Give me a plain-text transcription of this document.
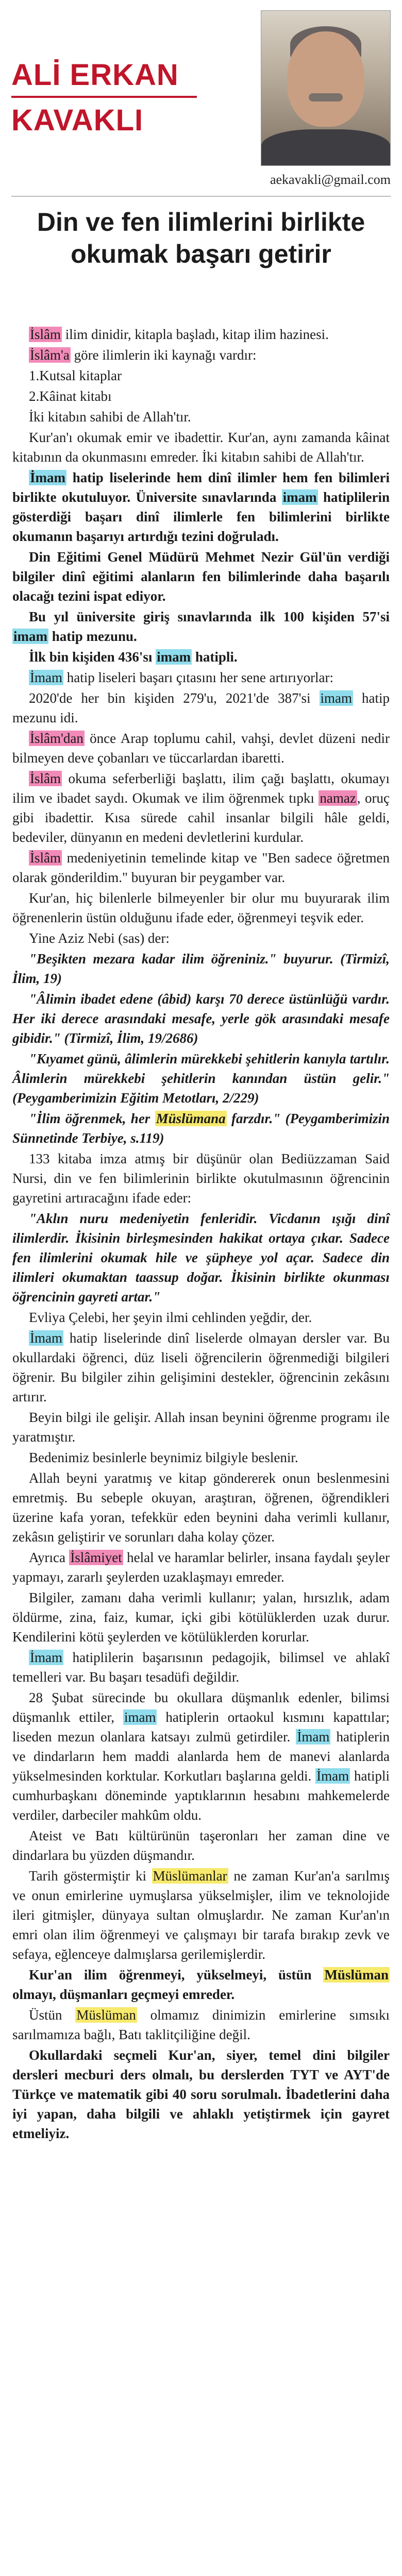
ALİ ERKAN
KAVAKLI
aekavakli@gmail.com
Din ve fen ilimlerini birlikte okumak başarı getirir

İslâm ilim dinidir, kitapla başladı, kitap ilim hazinesi.

İslâm'a göre ilimlerin iki kaynağı vardır:

1.Kutsal kitaplar

2.Kâinat kitabı

İki kitabın sahibi de Allah'tır.

Kur'an'ı okumak emir ve ibadettir. Kur'an, aynı zamanda kâinat kitabının da okunmasını emreder. İki kitabın sahibi de Allah'tır.

İmam hatip liselerinde hem dinî ilimler hem fen bilimleri birlikte okutuluyor. Üniversite sınavlarında imam hatiplilerin gösterdiği başarı dinî ilimlerle fen bilimlerini birlikte okumanın başarıyı artırdığı tezini doğruladı.

Din Eğitimi Genel Müdürü Mehmet Nezir Gül'ün verdiği bilgiler dinî eğitimi alanların fen bilimlerinde daha başarılı olacağı tezini ispat ediyor.

Bu yıl üniversite giriş sınavlarında ilk 100 kişiden 57'si imam hatip mezunu.

İlk bin kişiden 436'sı imam hatipli.

İmam hatip liseleri başarı çıtasını her sene artırıyorlar:

2020'de her bin kişiden 279'u, 2021'de 387'si imam hatip mezunu idi.

İslâm'dan önce Arap toplumu cahil, vahşi, devlet düzeni nedir bilmeyen deve çobanları ve tüccarlardan ibaretti.

İslâm okuma seferberliği başlattı, ilim çağı başlattı, okumayı ilim ve ibadet saydı. Okumak ve ilim öğrenmek tıpkı namaz, oruç gibi ibadettir. Kısa sürede cahil insanlar bilgili hâle geldi, bedeviler, dünyanın en medeni devletlerini kurdular.

İslâm medeniyetinin temelinde kitap ve "Ben sadece öğretmen olarak gönderildim." buyuran bir peygamber var.

Kur'an, hiç bilenlerle bilmeyenler bir olur mu buyurarak ilim öğrenenlerin üstün olduğunu ifade eder, öğrenmeyi teşvik eder.

Yine Aziz Nebi (sas) der:

"Beşikten mezara kadar ilim öğreniniz." buyurur. (Tirmizî, İlim, 19)

"Âlimin ibadet edene (âbid) karşı 70 derece üstünlüğü vardır. Her iki derece arasındaki mesafe, yerle gök arasındaki mesafe gibidir." (Tirmizî, İlim, 19/2686)

"Kıyamet günü, âlimlerin mürekkebi şehitlerin kanıyla tartılır. Âlimlerin mürekkebi şehitlerin kanından üstün gelir." (Peygamberimizin Eğitim Metotları, 2/229)

"İlim öğrenmek, her Müslümana farzdır." (Peygamberimizin Sünnetinde Terbiye, s.119)

133 kitaba imza atmış bir düşünür olan Bediüzzaman Said Nursi, din ve fen bilimlerinin birlikte okutulmasının öğrencinin gayretini artıracağını ifade eder:

"Aklın nuru medeniyetin fenleridir. Vicdanın ışığı dinî ilimlerdir. İkisinin birleşmesinden hakikat ortaya çıkar. Sadece fen ilimlerini okumak hile ve şüpheye yol açar. Sadece din ilimleri okumaktan taassup doğar. İkisinin birlikte okunması öğrencinin gayreti artar."

Evliya Çelebi, her şeyin ilmi cehlinden yeğdir, der.

İmam hatip liselerinde dinî liselerde olmayan dersler var. Bu okullardaki öğrenci, düz liseli öğrencilerin öğrenmediği bilgileri öğrenir. Bu bilgiler zihin gelişimini destekler, öğrencinin zekâsını artırır.

Beyin bilgi ile gelişir. Allah insan beynini öğrenme programı ile yaratmıştır.

Bedenimiz besinlerle beynimiz bilgiyle beslenir.

Allah beyni yaratmış ve kitap göndererek onun beslenmesini emretmiş. Bu sebeple okuyan, araştıran, öğrenen, öğrendikleri üzerine kafa yoran, tefekkür eden beynini daha verimli kullanır, zekâsın geliştirir ve sorunları daha kolay çözer.

Ayrıca İslâmiyet helal ve haramlar belirler, insana faydalı şeyler yapmayı, zararlı şeylerden uzaklaşmayı emreder.

Bilgiler, zamanı daha verimli kullanır; yalan, hırsızlık, adam öldürme, zina, faiz, kumar, içki gibi kötülüklerden uzak durur. Kendilerini kötü şeylerden ve kötülüklerden korurlar.

İmam hatiplilerin başarısının pedagojik, bilimsel ve ahlakî temelleri var. Bu başarı tesadüfi değildir.

28 Şubat sürecinde bu okullara düşmanlık edenler, bilimsi düşmanlık ettiler, imam hatiplerin ortaokul kısmını kapattılar; liseden mezun olanlara katsayı zulmü getirdiler. İmam hatiplerin ve dindarların hem maddi alanlarda hem de manevi alanlarda yükselmesinden korktular. Korkutları başlarına geldi. İmam hatipli cumhurbaşkanı döneminde yaptıklarının hesabını mahkemelerde verdiler, darbeciler mahkûm oldu.

Ateist ve Batı kültürünün taşeronları her zaman dine ve dindarlara bu yüzden düşmandır.

Tarih göstermiştir ki Müslümanlar ne zaman Kur'an'a sarılmış ve onun emirlerine uymuşlarsa yükselmişler, ilim ve teknolojide ileri gitmişler, dünyaya sultan olmuşlardır. Ne zaman Kur'an'ın emri olan ilim öğrenmeyi ve çalışmayı bir tarafa bırakıp zevk ve sefaya, eğlenceye dalmışlarsa gerilemişlerdir.

Kur'an ilim öğrenmeyi, yükselmeyi, üstün Müslüman olmayı, düşmanları geçmeyi emreder.

Üstün Müslüman olmamız dinimizin emirlerine sımsıkı sarılmamıza bağlı, Batı taklitçiliğine değil.

Okullardaki seçmeli Kur'an, siyer, temel dini bilgiler dersleri mecburi ders olmalı, bu derslerden TYT ve AYT'de Türkçe ve matematik gibi 40 soru sorulmalı. İbadetlerini daha iyi yapan, daha bilgili ve ahlaklı yetiştirmek için gayret etmeliyiz.
